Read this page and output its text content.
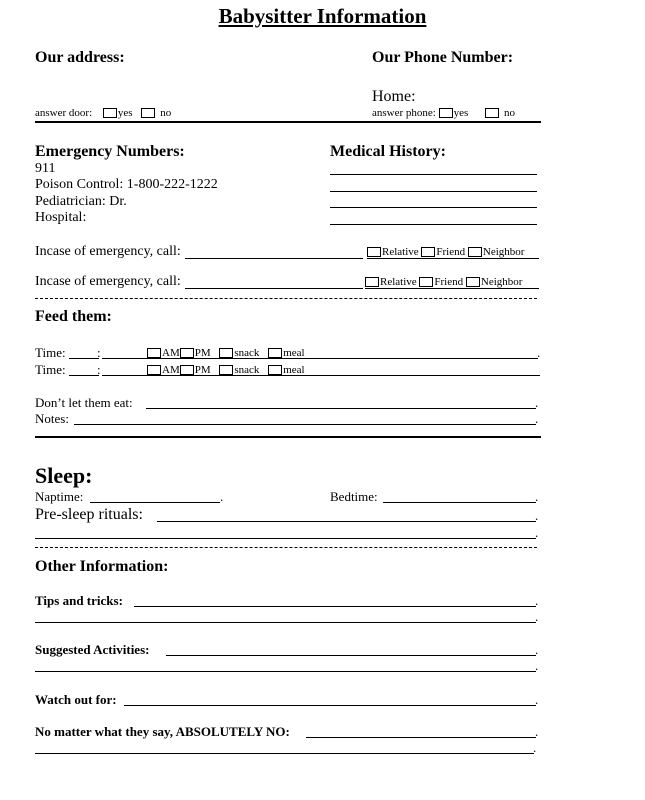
Babysitter Information
Our address:	Our Phone Number:
Home:
answer door: yes	no	answer phone: yes	no
Emergency Numbers:	Medical History:
911
Poison Control: 1-800-222-1222
Pediatrician: Dr.
Hospital:
Incase of emergency, call:	Relative Friend Neighbor
Incase of emergency, call:	Relative Friend Neighbor
Feed them:
Time: :	AM PM snack meal	.
Time: :	AM PM snack meal
Don’t let them eat:	.
Notes:	.
Sleep:
Naptime:	.	Bedtime:	.
Pre-sleep rituals:	.
.
Other Information:
Tips and tricks:	.
.
Suggested Activities:	.
.
Watch out for:	.
No matter what they say, ABSOLUTELY NO:	.
.
